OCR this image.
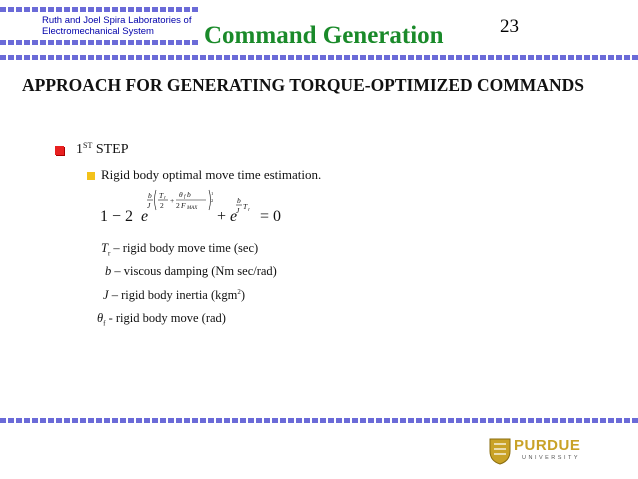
Ruth and Joel Spira Laboratories of Electromechanical System	Command Generation	23
APPROACH FOR GENERATING TORQUE-OPTIMIZED COMMANDS
1ST STEP
Rigid body optimal move time estimation.
1 − 2 e
b
J
T r
2
+
θ f b
2 F MAX
1
2
+ e
b
J T r = 0
$T_r$ – rigid body move time (sec)
b – viscous damping (Nm sec/rad)
J – rigid body inertia (kgm$^2$)
$\theta_f$ - rigid body move (rad)
PURDUE
UNIVERSITY
